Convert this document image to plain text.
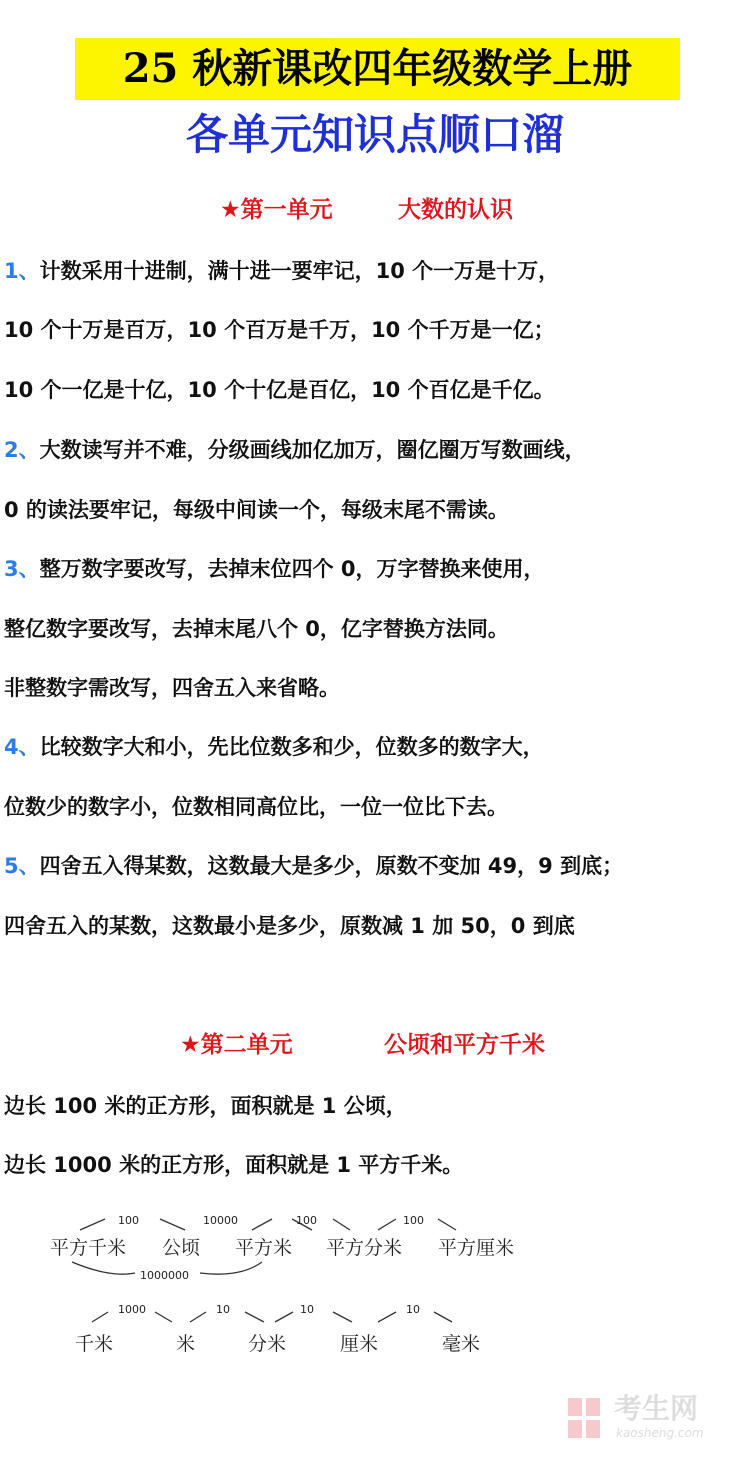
25 秋新课改四年级数学上册
各单元知识点顺口溜
★第一单元	大数的认识
1、计数采用十进制，满十进一要牢记，10 个一万是十万，
10 个十万是百万，10 个百万是千万，10 个千万是一亿；
10 个一亿是十亿，10 个十亿是百亿，10 个百亿是千亿。
2、大数读写并不难，分级画线加亿加万，圈亿圈万写数画线，
0 的读法要牢记，每级中间读一个，每级末尾不需读。
3、整万数字要改写，去掉末位四个 0，万字替换来使用，
整亿数字要改写，去掉末尾八个 0，亿字替换方法同。
非整数字需改写，四舍五入来省略。
4、比较数字大和小，先比位数多和少，位数多的数字大，
位数少的数字小，位数相同高位比，一位一位比下去。
5、四舍五入得某数，这数最大是多少，原数不变加 49，9 到底；
四舍五入的某数，这数最小是多少，原数减 1 加 50，0 到底
★第二单元	公顷和平方千米
边长 100 米的正方形，面积就是 1 公顷，
边长 1000 米的正方形，面积就是 1 平方千米。
平方千米 公顷 平方米 平方分米 平方厘米
100	10000	100	100
1000000
千米	米	分米	厘米	毫米
1000	10	10	10
考生网
kaosheng.com
